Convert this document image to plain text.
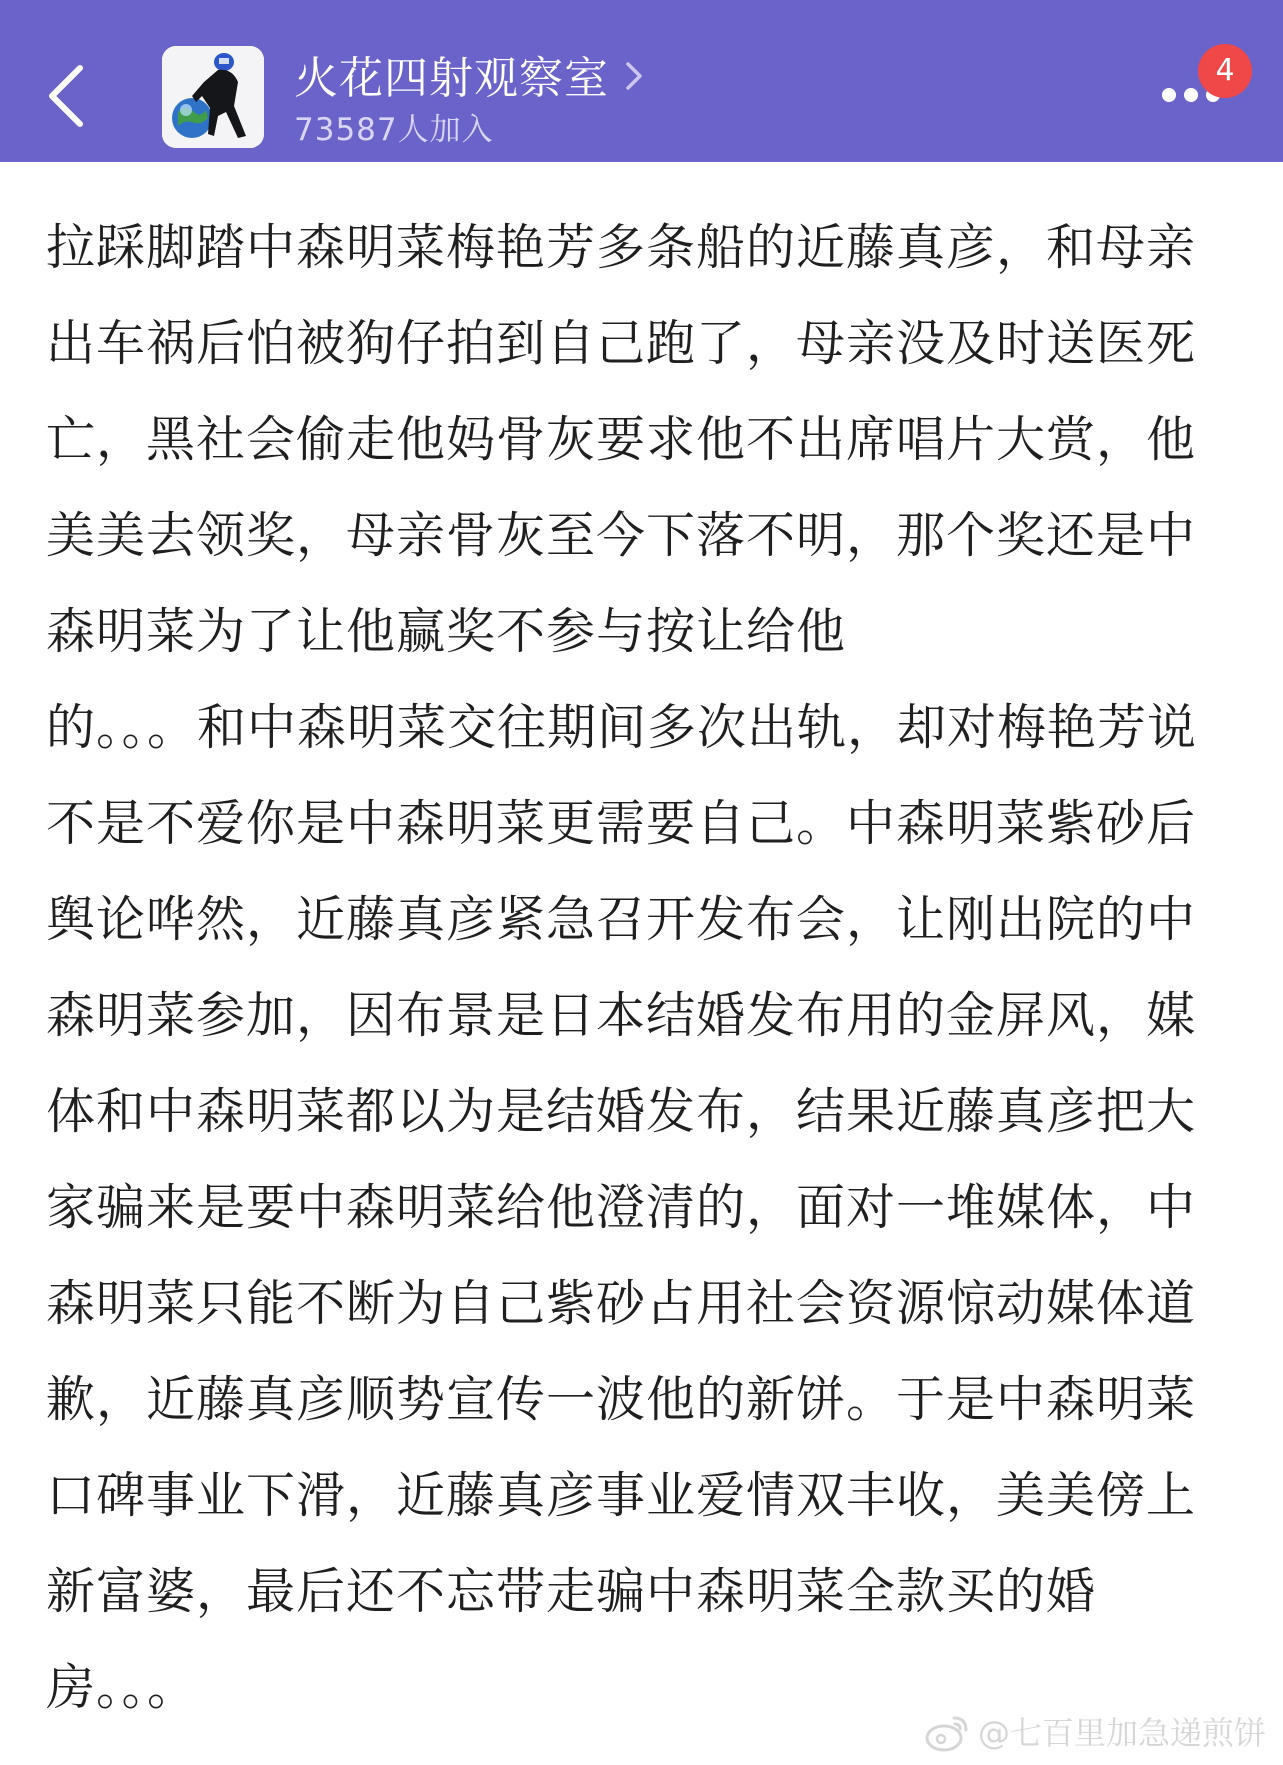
火花四射观察室
73587人加入
4

拉踩脚踏中森明菜梅艳芳多条船的近藤真彦，和母亲出车祸后怕被狗仔拍到自己跑了，母亲没及时送医死亡，黑社会偷走他妈骨灰要求他不出席唱片大赏，他美美去领奖，母亲骨灰至今下落不明，那个奖还是中森明菜为了让他赢奖不参与按让给他
的。。。和中森明菜交往期间多次出轨，却对梅艳芳说不是不爱你是中森明菜更需要自己。中森明菜紫砂后舆论哗然，近藤真彦紧急召开发布会，让刚出院的中森明菜参加，因布景是日本结婚发布用的金屏风，媒体和中森明菜都以为是结婚发布，结果近藤真彦把大家骗来是要中森明菜给他澄清的，面对一堆媒体，中森明菜只能不断为自己紫砂占用社会资源惊动媒体道歉，近藤真彦顺势宣传一波他的新饼。于是中森明菜口碑事业下滑，近藤真彦事业爱情双丰收，美美傍上新富婆，最后还不忘带走骗中森明菜全款买的婚房。。。

@七百里加急递煎饼
